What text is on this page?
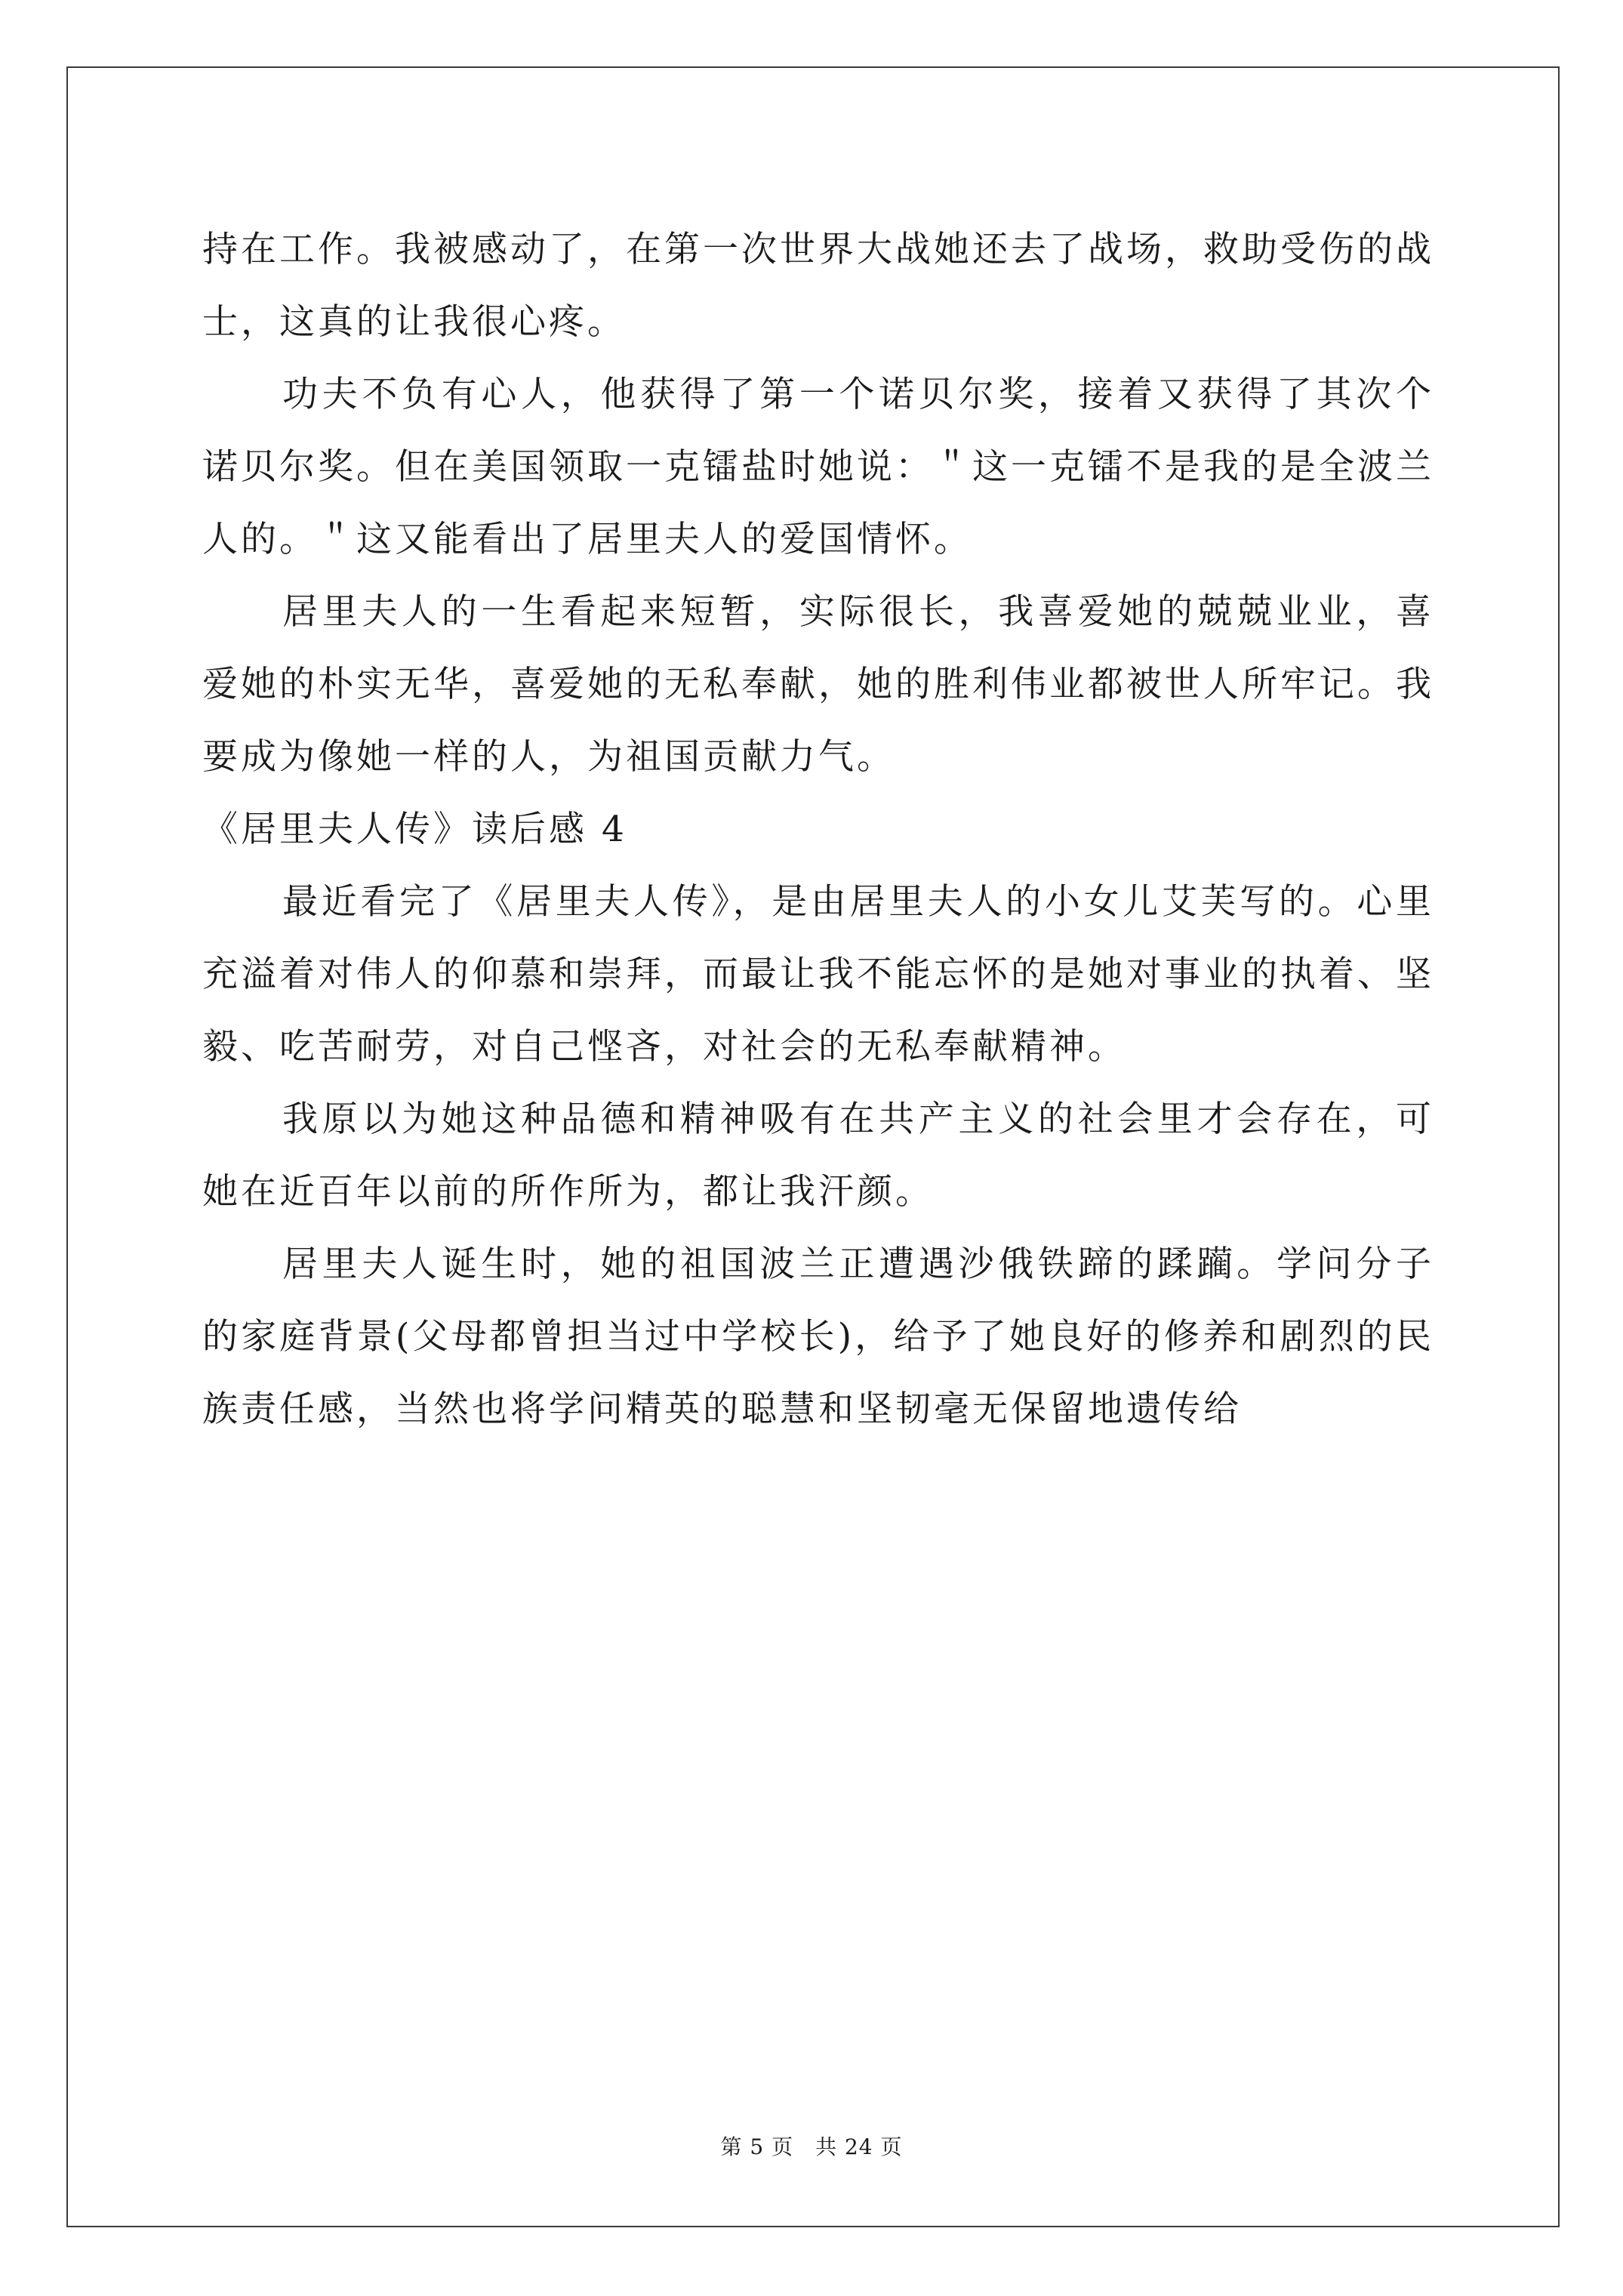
持在工作。我被感动了，在第一次世界大战她还去了战场，救助受伤的战士，这真的让我很心疼。

功夫不负有心人，他获得了第一个诺贝尔奖，接着又获得了其次个诺贝尔奖。但在美国领取一克镭盐时她说：＂这一克镭不是我的是全波兰人的。＂这又能看出了居里夫人的爱国情怀。

居里夫人的一生看起来短暂，实际很长，我喜爱她的兢兢业业，喜爱她的朴实无华，喜爱她的无私奉献，她的胜利伟业都被世人所牢记。我要成为像她一样的人，为祖国贡献力气。

《居里夫人传》读后感 4

最近看完了《居里夫人传》，是由居里夫人的小女儿艾芙写的。心里充溢着对伟人的仰慕和崇拜，而最让我不能忘怀的是她对事业的执着、坚毅、吃苦耐劳，对自己悭吝，对社会的无私奉献精神。

我原以为她这种品德和精神吸有在共产主义的社会里才会存在，可她在近百年以前的所作所为，都让我汗颜。

居里夫人诞生时，她的祖国波兰正遭遇沙俄铁蹄的蹂躏。学问分子的家庭背景(父母都曾担当过中学校长)，给予了她良好的修养和剧烈的民族责任感，当然也将学问精英的聪慧和坚韧毫无保留地遗传给

第 5 页　共 24 页
